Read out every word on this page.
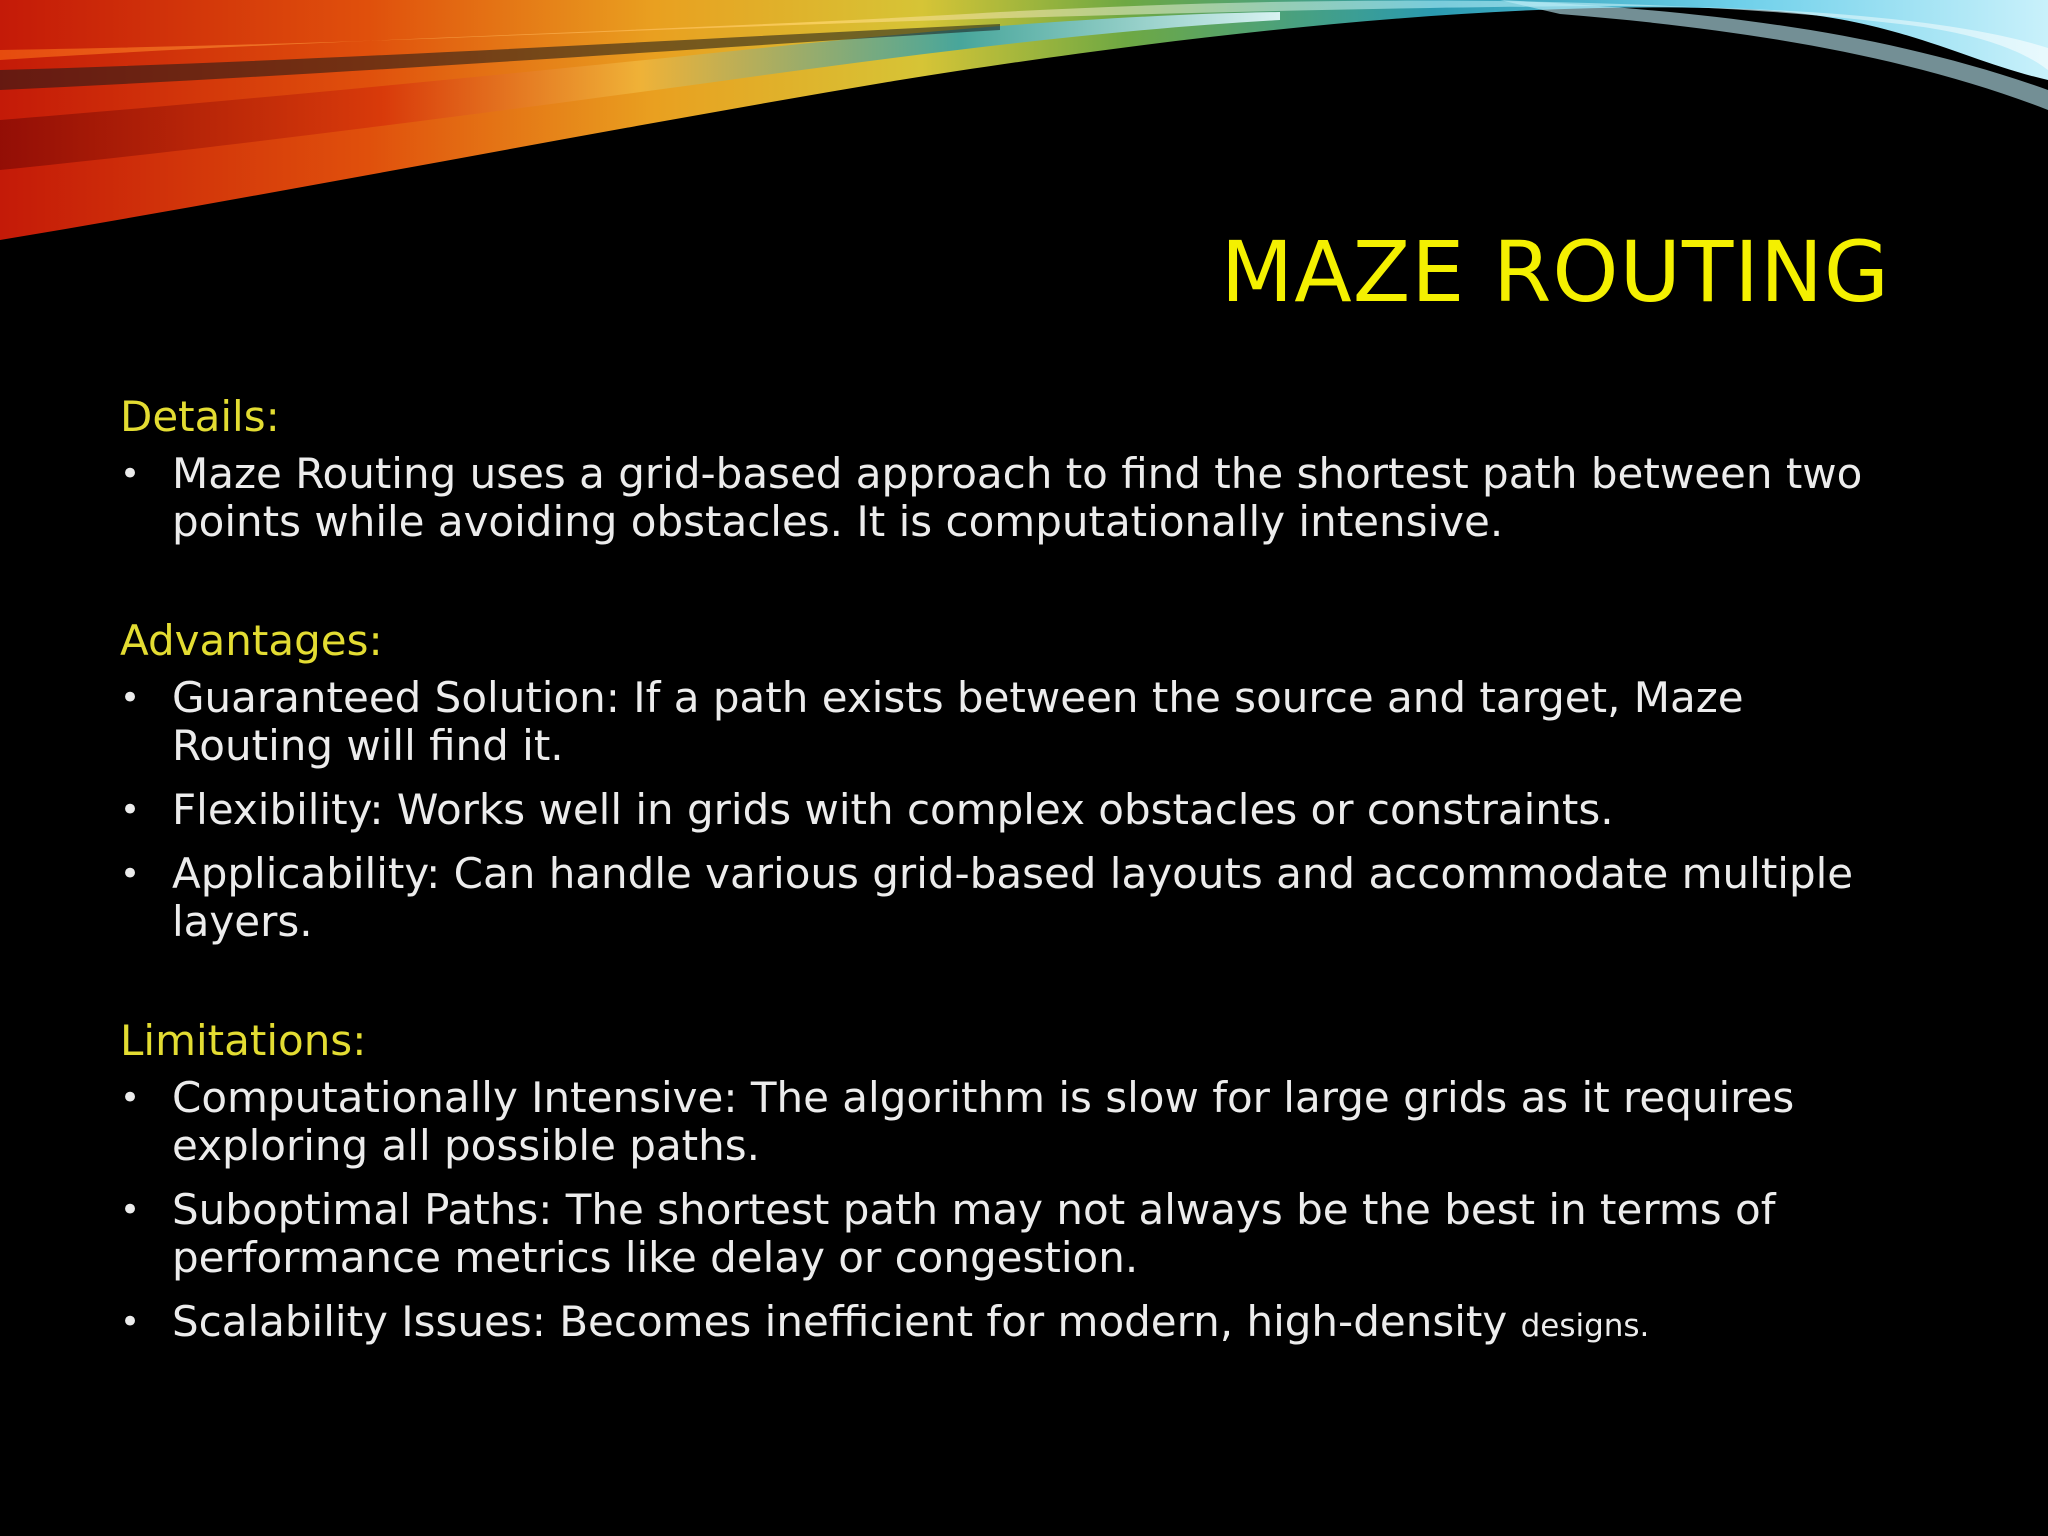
MAZE ROUTING
Details:
• Maze Routing uses a grid-based approach to find the shortest path between two points while avoiding obstacles. It is computationally intensive.
Advantages:
• Guaranteed Solution: If a path exists between the source and target, Maze Routing will find it.
• Flexibility: Works well in grids with complex obstacles or constraints.
• Applicability: Can handle various grid-based layouts and accommodate multiple layers.
Limitations:
• Computationally Intensive: The algorithm is slow for large grids as it requires exploring all possible paths.
• Suboptimal Paths: The shortest path may not always be the best in terms of performance metrics like delay or congestion.
• Scalability Issues: Becomes inefficient for modern, high-density designs.
